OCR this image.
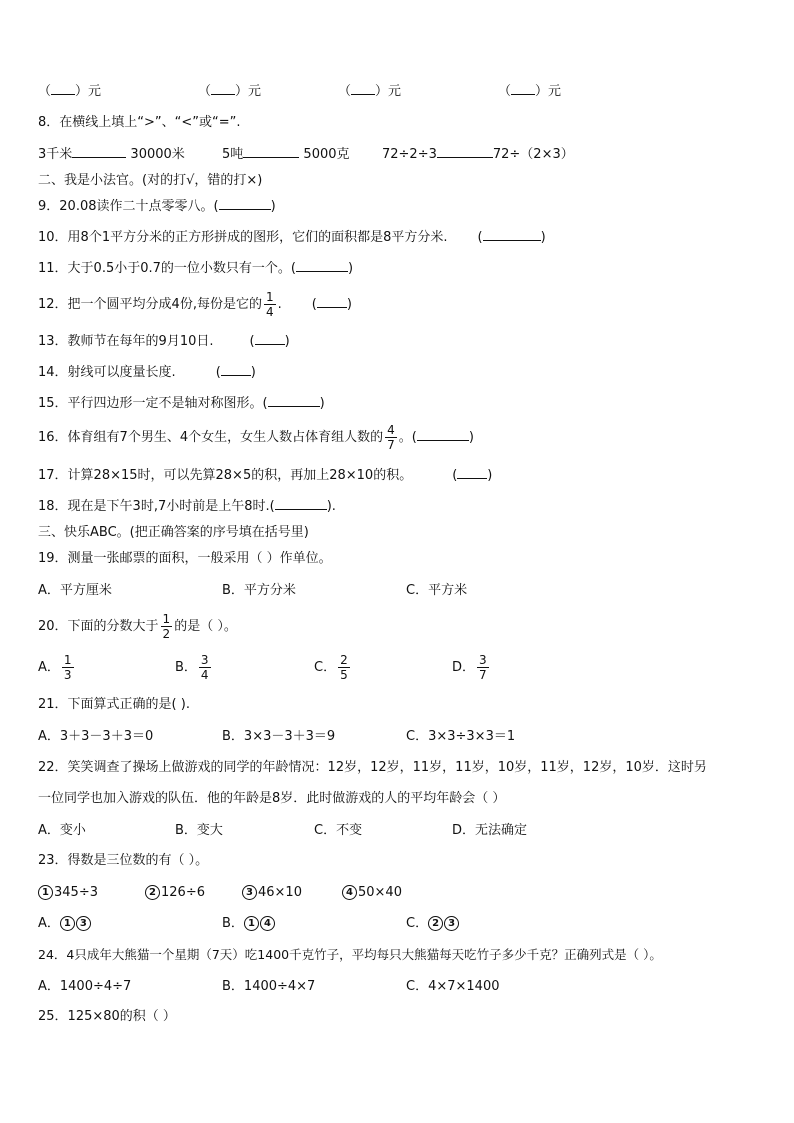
（ ）元	（ ）元	（ ）元	（ ）元
8．在横线上填上“>”、“<”或“=”.
3千米	30000米	5吨	5000克 72÷2÷3	72÷（2×3）
二、我是小法官。(对的打√，错的打×)
9．20.08读作二十点零零八。(	)
10．用8个1平方分米的正方形拼成的图形，它们的面积都是8平方分米. (	)
11．大于0.5小于0.7的一位小数只有一个。(	)
12．把一个圆平均分成4份,每份是它的 $\frac{1}{4}$ . ( )
13．教师节在每年的9月10日.	( )
14．射线可以度量长度.	( )
15．平行四边形一定不是轴对称图形。(	)
16．体育组有7个男生、4个女生，女生人数占体育组人数的 $\frac{4}{7}$ 。(	)
17．计算28×15时，可以先算28×5的积，再加上28×10的积。	( )
18．现在是下午3时,7小时前是上午8时.(	).
三、快乐ABC。(把正确答案的序号填在括号里)
19．测量一张邮票的面积，一般采用（ ）作单位。
A．平方厘米	B．平方分米	C．平方米
20．下面的分数大于 $\frac{1}{2}$ 的是（ ）。
A． $\frac{1}{3}$	B． $\frac{3}{4}$	C． $\frac{2}{5}$	D． $\frac{3}{7}$
21．下面算式正确的是( ).
A．3＋3－3＋3＝0	B．3×3－3＋3＝9	C．3×3÷3×3＝1
22．笑笑调查了操场上做游戏的同学的年龄情况：12岁，12岁，11岁，11岁，10岁，11岁，12岁，10岁．这时另
一位同学也加入游戏的队伍．他的年龄是8岁．此时做游戏的人的平均年龄会（ ）
A．变小	B．变大	C．不变	D．无法确定
23．得数是三位数的有（ ）。
1 345÷3	2 126÷6	3 46×10	4 50×40
A． 1 3	B． 1 4	C． 2 3
24．4只成年大熊猫一个星期（7天）吃1400千克竹子，平均每只大熊猫每天吃竹子多少千克？正确列式是（ ）。
A．1400÷4÷7	B．1400÷4×7	C．4×7×1400
25．125×80的积（ ）
